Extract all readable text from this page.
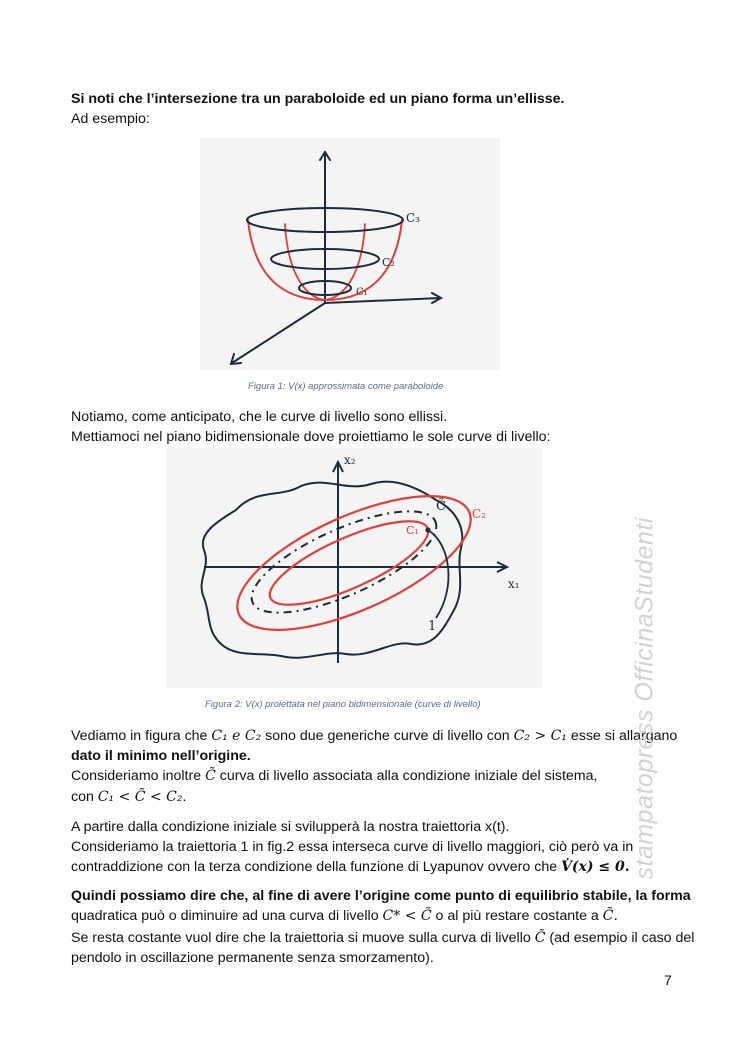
Si noti che l’intersezione tra un paraboloide ed un piano forma un’ellisse.
Ad esempio:
C₃
C₂
C₁
Figura 1: V(x) approssimata come paraboloide
Notiamo, come anticipato, che le curve di livello sono ellissi.
Mettiamoci nel piano bidimensionale dove proiettiamo le sole curve di livello:
x₂
x₁
C₂
C₁
C̃
1
Figura 2: V(x) proiettata nel piano bidimensionale (curve di livello)
Vediamo in figura che C₁ e C₂ sono due generiche curve di livello con C₂ > C₁ esse si allargano
dato il minimo nell’origine.
Consideriamo inoltre C̃ curva di livello associata alla condizione iniziale del sistema,
con C₁ < C̃ < C₂.
A partire dalla condizione iniziale si svilupperà la nostra traiettoria x(t).
Consideriamo la traiettoria 1 in fig.2 essa interseca curve di livello maggiori, ciò però va in
contraddizione con la terza condizione della funzione di Lyapunov ovvero che V̇(x) ≤ 0.
Quindi possiamo dire che, al fine di avere l’origine come punto di equilibrio stabile, la forma
quadratica può o diminuire ad una curva di livello C* < C̃ o al più restare costante a C̃.
Se resta costante vuol dire che la traiettoria si muove sulla curva di livello C̃ (ad esempio il caso del
pendolo in oscillazione permanente senza smorzamento).
stampatopress OfficinaStudenti
7
